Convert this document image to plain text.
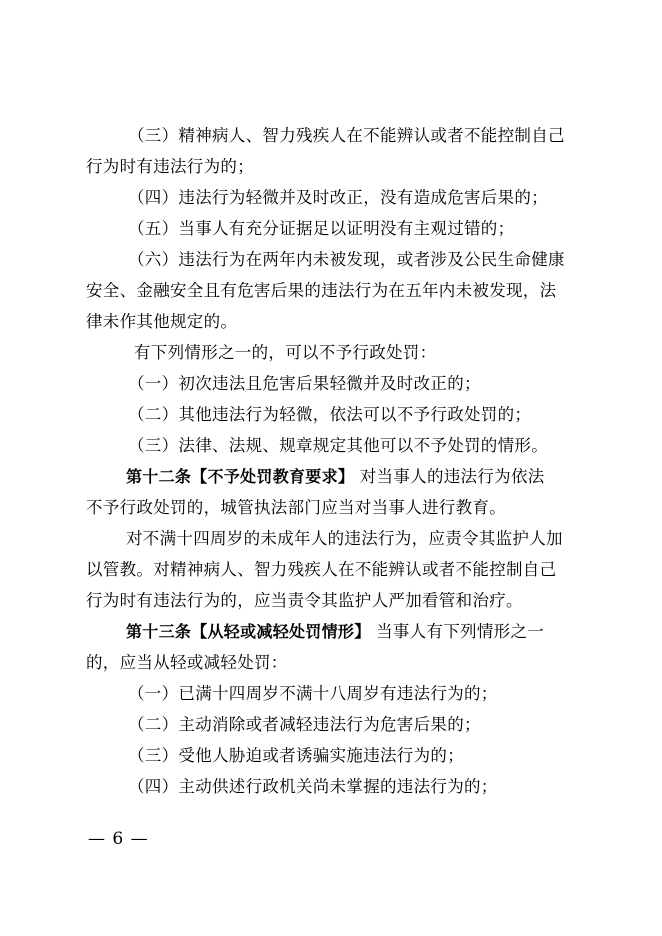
（三）精神病人、智力残疾人在不能辨认或者不能控制自己
行为时有违法行为的；
（四）违法行为轻微并及时改正，没有造成危害后果的；
（五）当事人有充分证据足以证明没有主观过错的；
（六）违法行为在两年内未被发现，或者涉及公民生命健康
安全、金融安全且有危害后果的违法行为在五年内未被发现，法
律未作其他规定的。
有下列情形之一的，可以不予行政处罚：
（一）初次违法且危害后果轻微并及时改正的；
（二）其他违法行为轻微，依法可以不予行政处罚的；
（三）法律、法规、规章规定其他可以不予处罚的情形。
第十二条【不予处罚教育要求】 对当事人的违法行为依法
不予行政处罚的，城管执法部门应当对当事人进行教育。
对不满十四周岁的未成年人的违法行为，应责令其监护人加
以管教。对精神病人、智力残疾人在不能辨认或者不能控制自己
行为时有违法行为的，应当责令其监护人严加看管和治疗。
第十三条【从轻或减轻处罚情形】 当事人有下列情形之一
的，应当从轻或减轻处罚：
（一）已满十四周岁不满十八周岁有违法行为的；
（二）主动消除或者减轻违法行为危害后果的；
（三）受他人胁迫或者诱骗实施违法行为的；
（四）主动供述行政机关尚未掌握的违法行为的；
— 6 —
